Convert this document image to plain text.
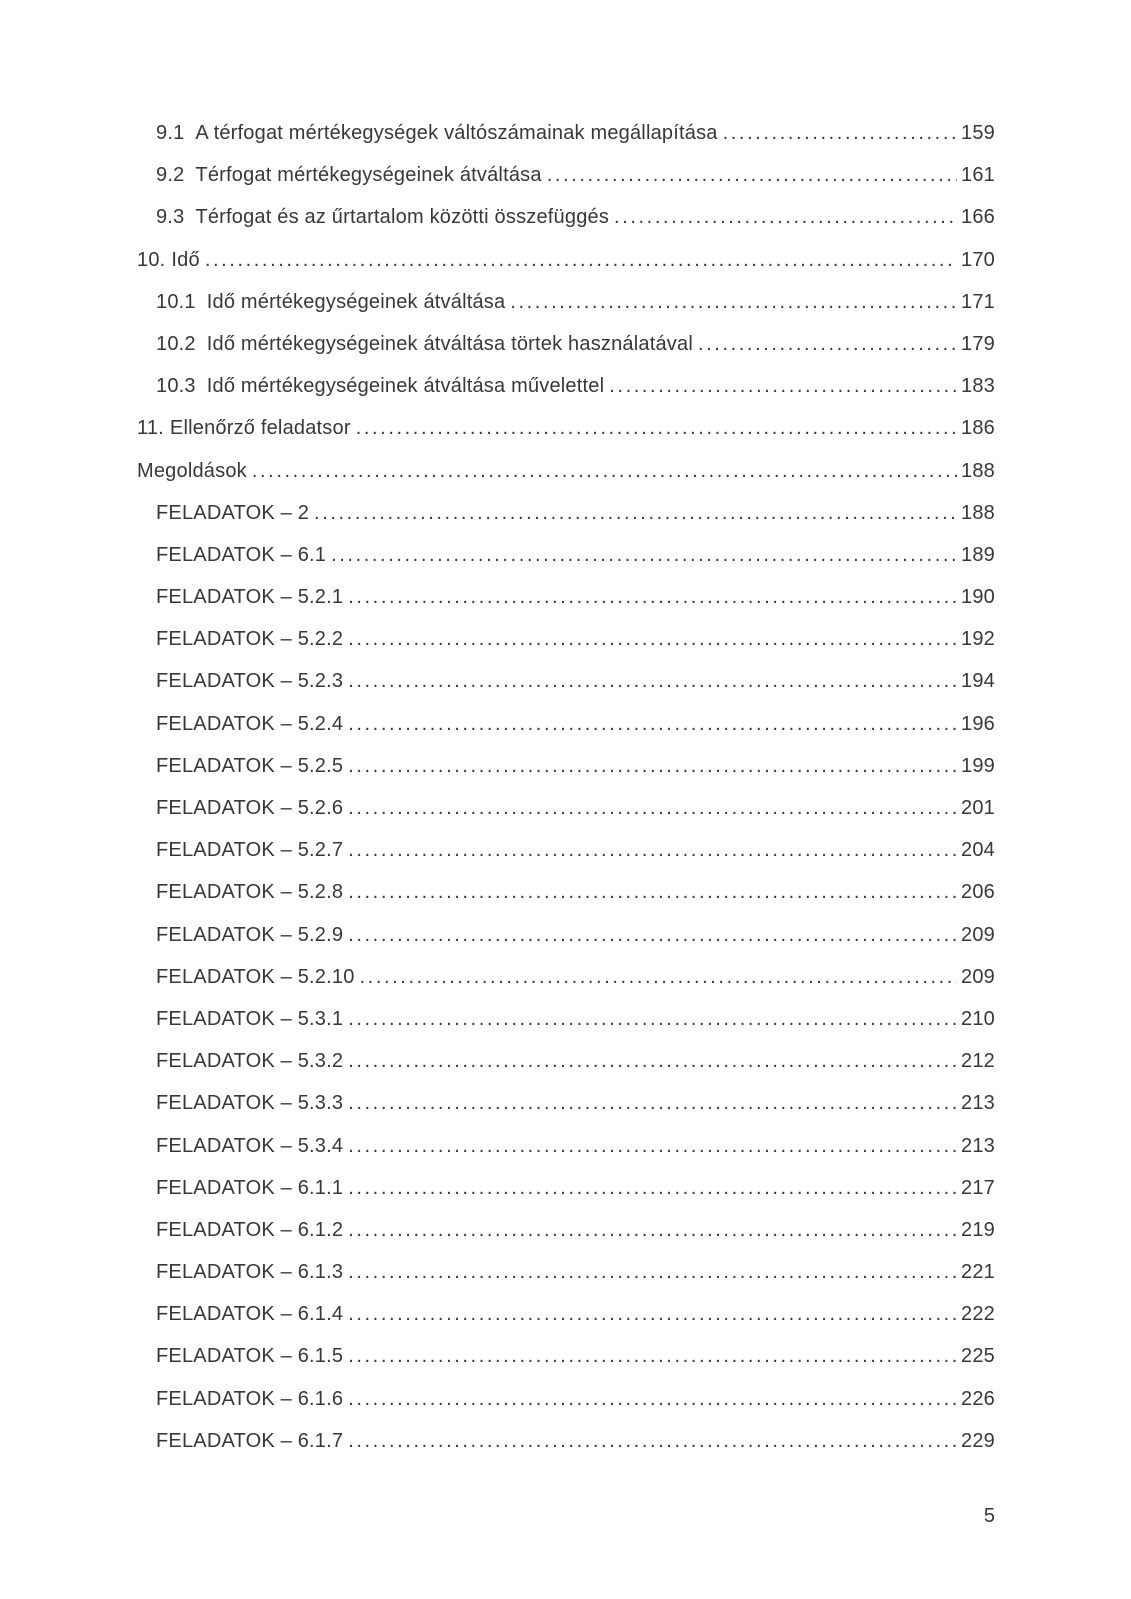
9.1 A térfogat mértékegységek váltószámainak megállapítása .....	159
9.2 Térfogat mértékegységeinek átváltása .....	161
9.3 Térfogat és az űrtartalom közötti összefüggés .....	166
10. Idő .....	170
10.1 Idő mértékegységeinek átváltása .....	171
10.2 Idő mértékegységeinek átváltása törtek használatával .....	179
10.3 Idő mértékegységeinek átváltása művelettel .....	183
11. Ellenőrző feladatsor .....	186
Megoldások .....	188
FELADATOK – 2 .....	188
FELADATOK – 6.1 .....	189
FELADATOK – 5.2.1 .....	190
FELADATOK – 5.2.2 .....	192
FELADATOK – 5.2.3 .....	194
FELADATOK – 5.2.4 .....	196
FELADATOK – 5.2.5 .....	199
FELADATOK – 5.2.6 .....	201
FELADATOK – 5.2.7 .....	204
FELADATOK – 5.2.8 .....	206
FELADATOK – 5.2.9 .....	209
FELADATOK – 5.2.10 .....	209
FELADATOK – 5.3.1 .....	210
FELADATOK – 5.3.2 .....	212
FELADATOK – 5.3.3 .....	213
FELADATOK – 5.3.4 .....	213
FELADATOK – 6.1.1 .....	217
FELADATOK – 6.1.2 .....	219
FELADATOK – 6.1.3 .....	221
FELADATOK – 6.1.4 .....	222
FELADATOK – 6.1.5 .....	225
FELADATOK – 6.1.6 .....	226
FELADATOK – 6.1.7 .....	229
5
